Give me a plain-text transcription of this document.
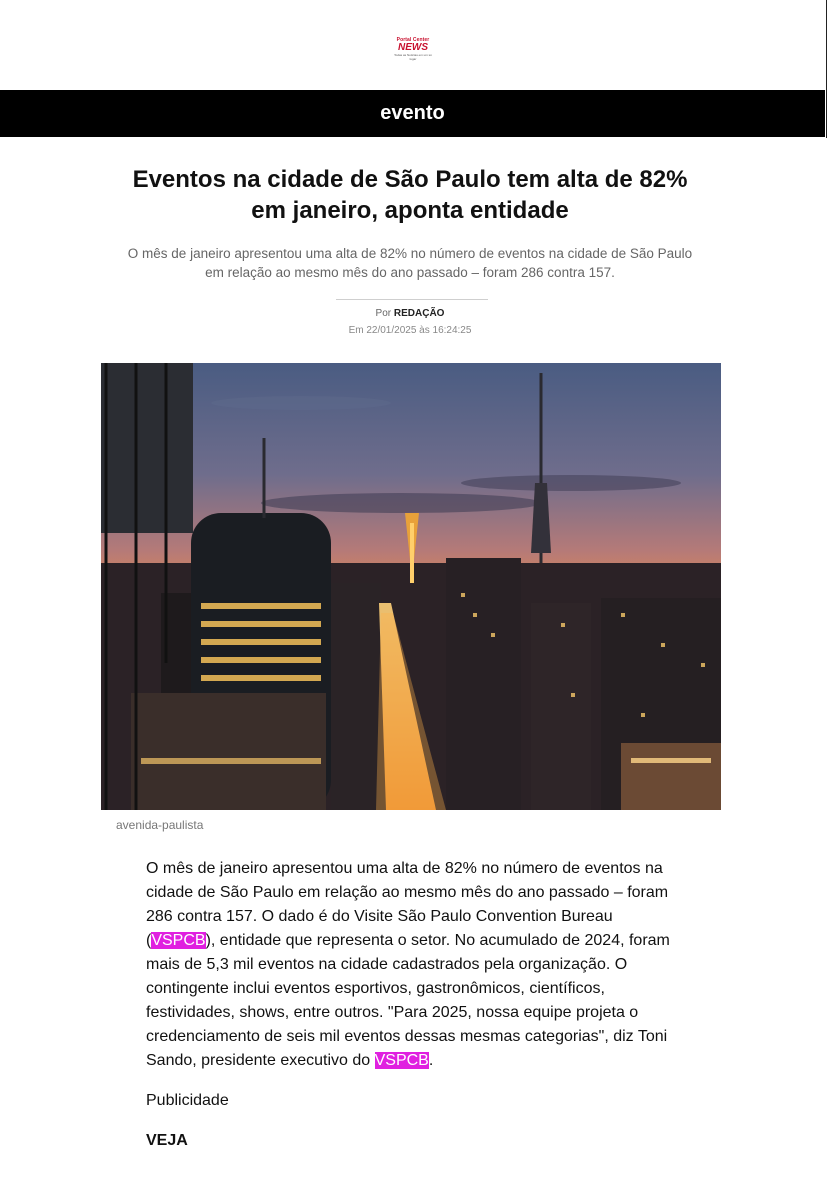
Portal Center
NEWS
Todas as Notícias em um só lugar
evento
Eventos na cidade de São Paulo tem alta de 82% em janeiro, aponta entidade

O mês de janeiro apresentou uma alta de 82% no número de eventos na cidade de São Paulo em relação ao mesmo mês do ano passado – foram 286 contra 157.

Por REDAÇÃO
Em 22/01/2025 às 16:24:25
avenida-paulista

O mês de janeiro apresentou uma alta de 82% no número de eventos na cidade de São Paulo em relação ao mesmo mês do ano passado – foram 286 contra 157. O dado é do Visite São Paulo Convention Bureau (VSPCB), entidade que representa o setor. No acumulado de 2024, foram mais de 5,3 mil eventos na cidade cadastrados pela organização. O contingente inclui eventos esportivos, gastronômicos, científicos, festividades, shows, entre outros. "Para 2025, nossa equipe projeta o credenciamento de seis mil eventos dessas mesmas categorias", diz Toni Sando, presidente executivo do VSPCB.

Publicidade
VEJA
